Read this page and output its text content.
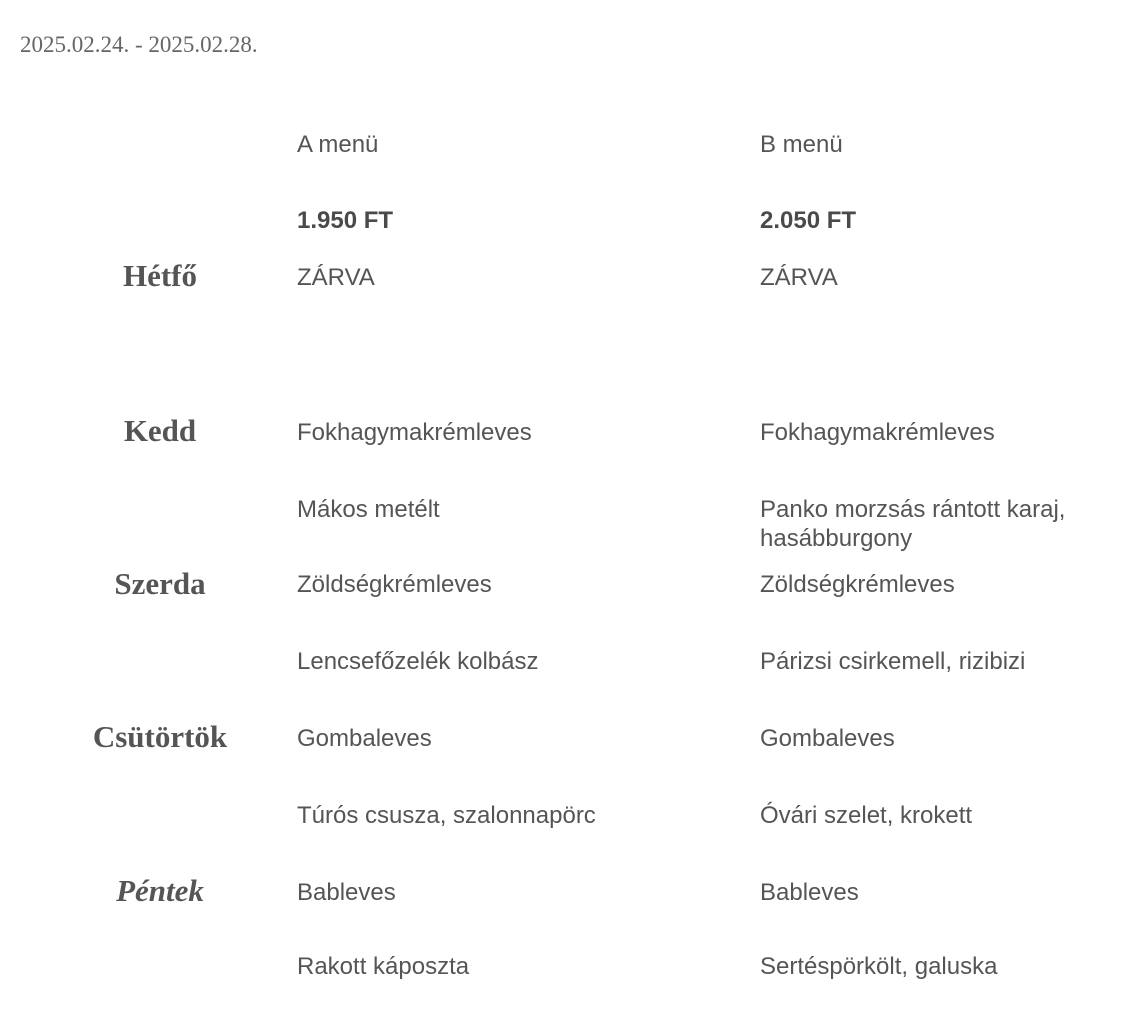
2025.02.24. - 2025.02.28.
A menü	B menü
1.950 FT	2.050 FT
Hétfő	ZÁRVA	ZÁRVA
Kedd	Fokhagymakrémleves	Fokhagymakrémleves
Mákos metélt	Panko morzsás rántott karaj,
hasábburgony
Szerda	Zöldségkrémleves	Zöldségkrémleves
Lencsefőzelék kolbász	Párizsi csirkemell, rizibizi
Csütörtök	Gombaleves	Gombaleves
Túrós csusza, szalonnapörc	Óvári szelet, krokett
Péntek	Bableves	Bableves
Rakott káposzta	Sertéspörkölt, galuska
